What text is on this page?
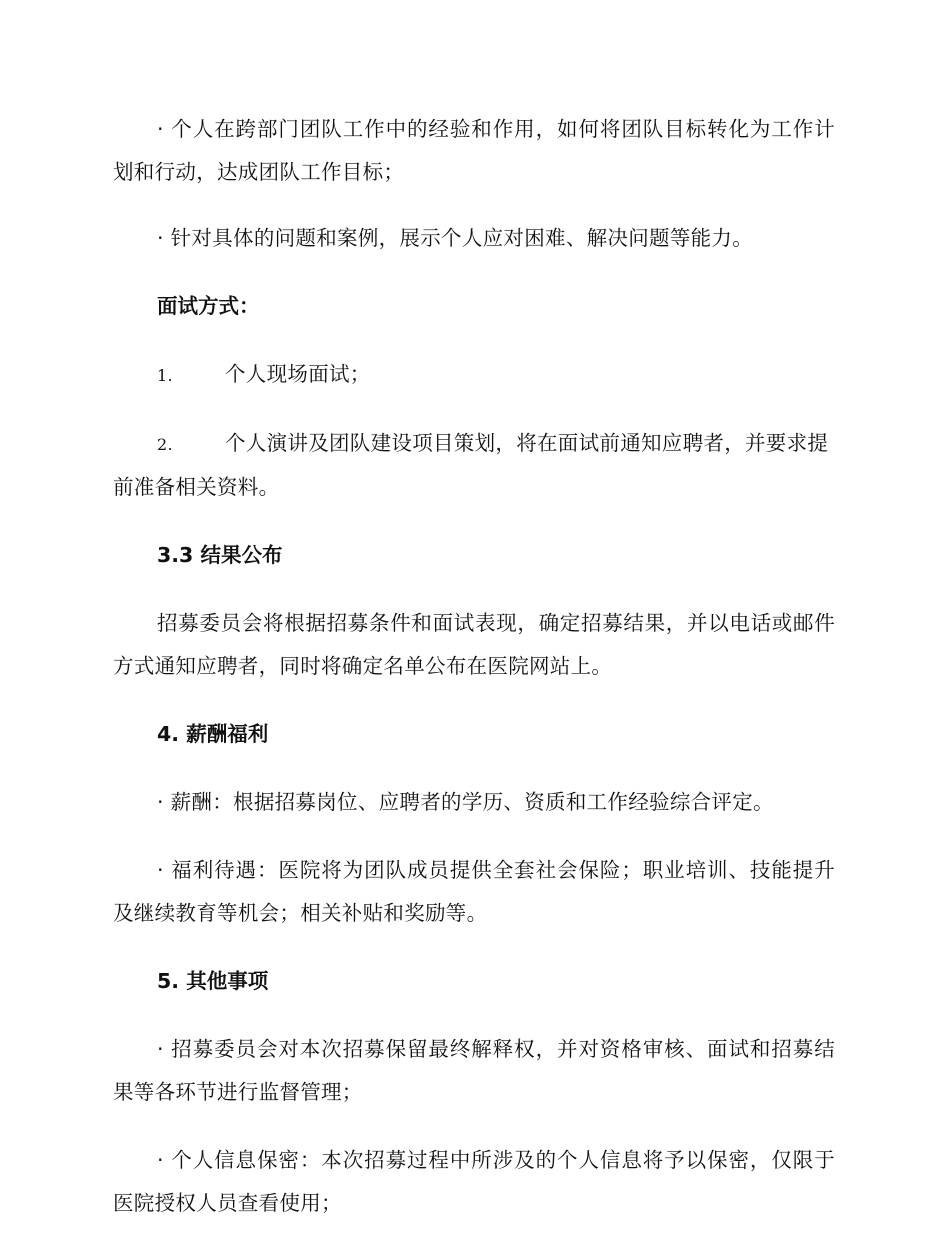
· 个人在跨部门团队工作中的经验和作用，如何将团队目标转化为工作计划和行动，达成团队工作目标；

· 针对具体的问题和案例，展示个人应对困难、解决问题等能力。

面试方式：

1.	个人现场面试；

2.	个人演讲及团队建设项目策划，将在面试前通知应聘者，并要求提前准备相关资料。

3.3 结果公布

招募委员会将根据招募条件和面试表现，确定招募结果，并以电话或邮件方式通知应聘者，同时将确定名单公布在医院网站上。

4. 薪酬福利

· 薪酬：根据招募岗位、应聘者的学历、资质和工作经验综合评定。

· 福利待遇：医院将为团队成员提供全套社会保险；职业培训、技能提升及继续教育等机会；相关补贴和奖励等。

5. 其他事项

· 招募委员会对本次招募保留最终解释权，并对资格审核、面试和招募结果等各环节进行监督管理；

· 个人信息保密：本次招募过程中所涉及的个人信息将予以保密，仅限于医院授权人员查看使用；
